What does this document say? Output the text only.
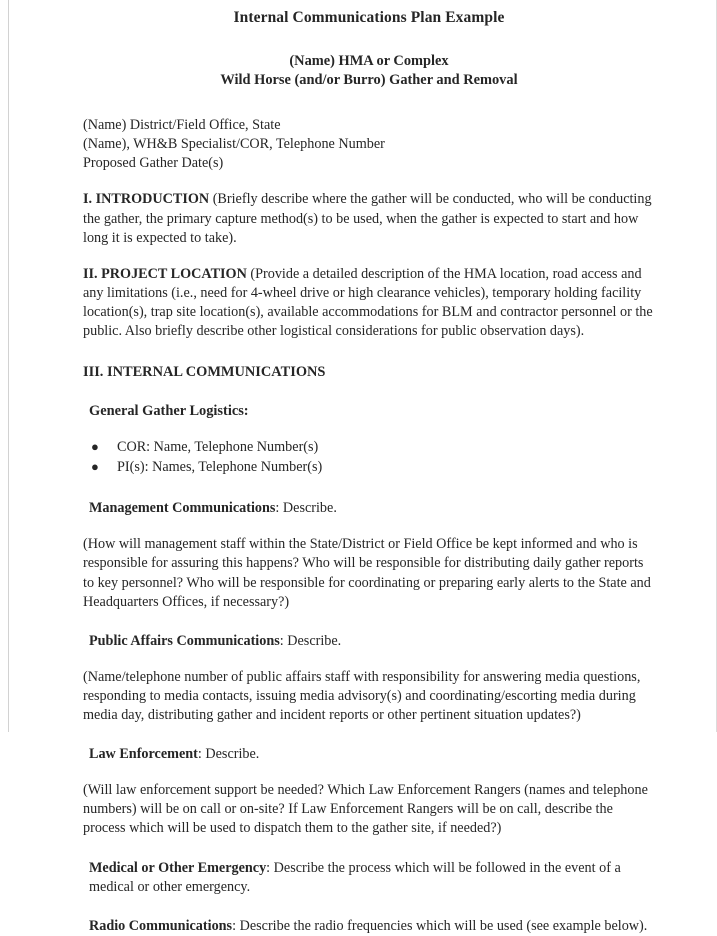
Internal Communications Plan Example
(Name) HMA or Complex
Wild Horse (and/or Burro) Gather and Removal
(Name) District/Field Office, State
(Name), WH&B Specialist/COR, Telephone Number
Proposed Gather Date(s)

I. INTRODUCTION (Briefly describe where the gather will be conducted, who will be conducting the gather, the primary capture method(s) to be used, when the gather is expected to start and how long it is expected to take).

II. PROJECT LOCATION (Provide a detailed description of the HMA location, road access and any limitations (i.e., need for 4-wheel drive or high clearance vehicles), temporary holding facility location(s), trap site location(s), available accommodations for BLM and contractor personnel or the public. Also briefly describe other logistical considerations for public observation days).

III. INTERNAL COMMUNICATIONS
General Gather Logistics:
● COR: Name, Telephone Number(s)
● PI(s): Names, Telephone Number(s)

Management Communications: Describe.

(How will management staff within the State/District or Field Office be kept informed and who is responsible for assuring this happens? Who will be responsible for distributing daily gather reports to key personnel? Who will be responsible for coordinating or preparing early alerts to the State and Headquarters Offices, if necessary?)

Public Affairs Communications: Describe.

(Name/telephone number of public affairs staff with responsibility for answering media questions, responding to media contacts, issuing media advisory(s) and coordinating/escorting media during media day, distributing gather and incident reports or other pertinent situation updates?)

Law Enforcement: Describe.

(Will law enforcement support be needed? Which Law Enforcement Rangers (names and telephone numbers) will be on call or on-site? If Law Enforcement Rangers will be on call, describe the process which will be used to dispatch them to the gather site, if needed?)

Medical or Other Emergency: Describe the process which will be followed in the event of a medical or other emergency.

Radio Communications: Describe the radio frequencies which will be used (see example below).
